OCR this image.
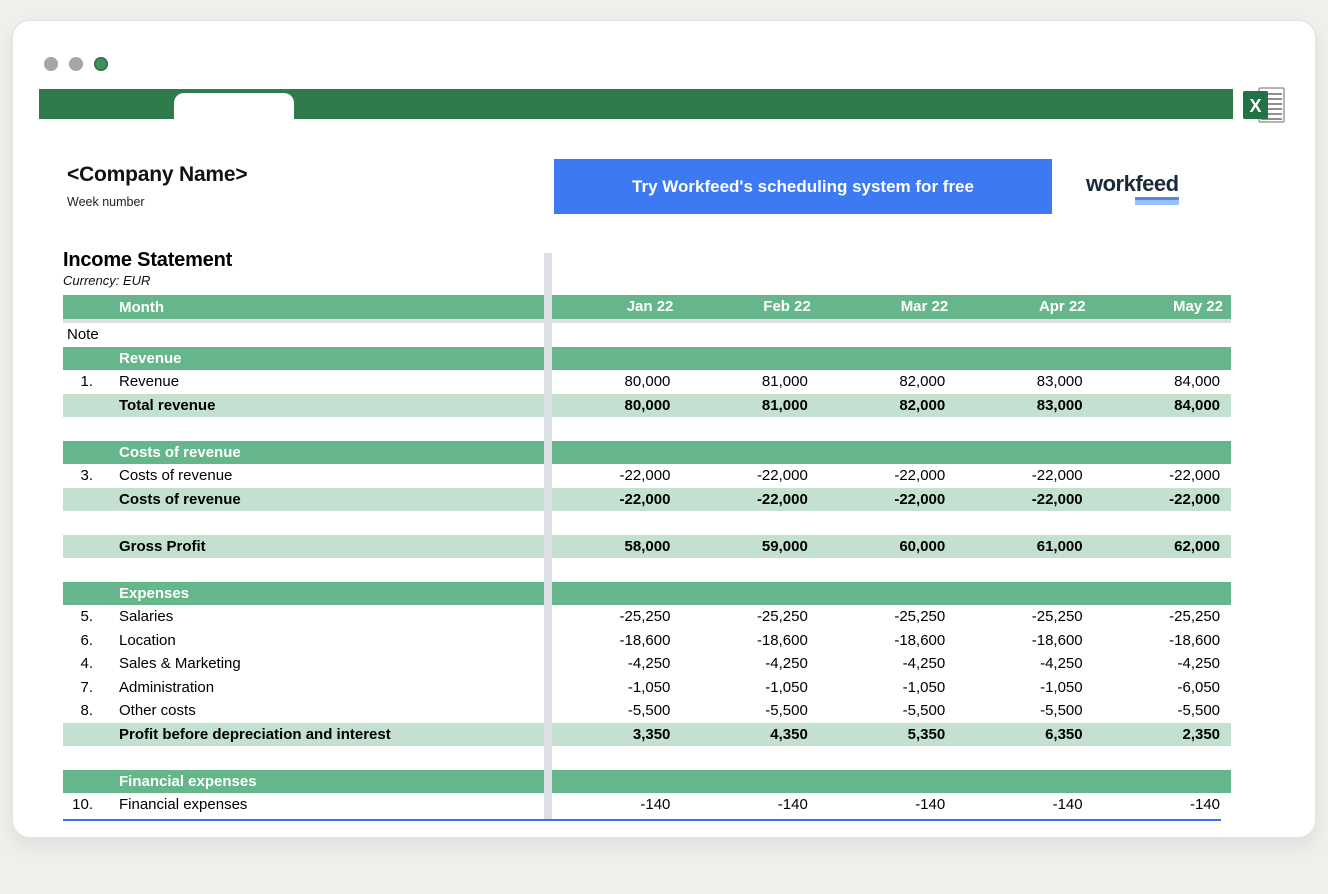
X
<Company Name>
Week number
Try Workfeed's scheduling system for free	workfeed
Income Statement
Currency: EUR
Month	Jan 22	Feb 22	Mar 22	Apr 22	May 22
Note
Revenue
1. Revenue	80,000	81,000	82,000	83,000	84,000
Total revenue	80,000	81,000	82,000	83,000	84,000
Costs of revenue
3. Costs of revenue	-22,000	-22,000	-22,000	-22,000	-22,000
Costs of revenue	-22,000	-22,000	-22,000	-22,000	-22,000
Gross Profit	58,000	59,000	60,000	61,000	62,000
Expenses
5. Salaries	-25,250	-25,250	-25,250	-25,250	-25,250
6. Location	-18,600	-18,600	-18,600	-18,600	-18,600
4. Sales & Marketing	-4,250	-4,250	-4,250	-4,250	-4,250
7. Administration	-1,050	-1,050	-1,050	-1,050	-6,050
8. Other costs	-5,500	-5,500	-5,500	-5,500	-5,500
Profit before depreciation and interest	3,350	4,350	5,350	6,350	2,350
Financial expenses
10. Financial expenses	-140	-140	-140	-140	-140
